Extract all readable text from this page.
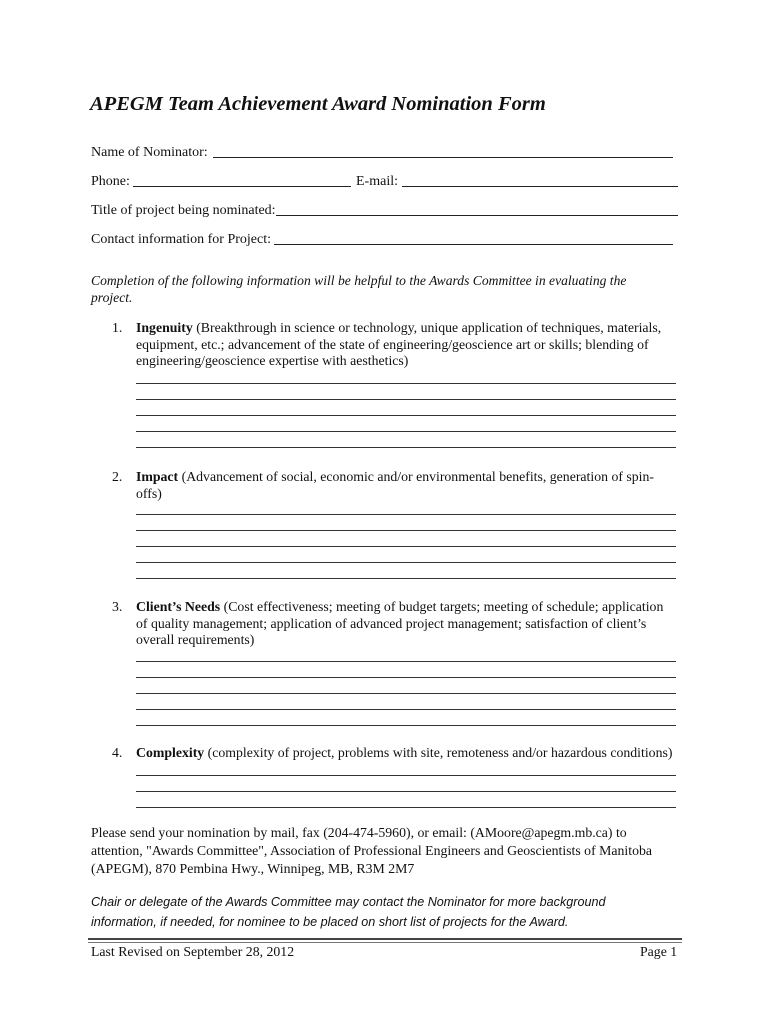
APEGM Team Achievement Award Nomination Form
Name of Nominator:
Phone:	E-mail:
Title of project being nominated:
Contact information for Project:
Completion of the following information will be helpful to the Awards Committee in evaluating the project.
1. Ingenuity (Breakthrough in science or technology, unique application of techniques, materials, equipment, etc.; advancement of the state of engineering/geoscience art or skills; blending of engineering/geoscience expertise with aesthetics)
2. Impact (Advancement of social, economic and/or environmental benefits, generation of spin-offs)
3. Client’s Needs (Cost effectiveness; meeting of budget targets; meeting of schedule; application of quality management; application of advanced project management; satisfaction of client’s overall requirements)
4. Complexity (complexity of project, problems with site, remoteness and/or hazardous conditions)
Please send your nomination by mail, fax (204-474-5960), or email: (AMoore@apegm.mb.ca) to attention, "Awards Committee", Association of Professional Engineers and Geoscientists of Manitoba (APEGM), 870 Pembina Hwy., Winnipeg, MB, R3M 2M7
Chair or delegate of the Awards Committee may contact the Nominator for more background information, if needed, for nominee to be placed on short list of projects for the Award.
Last Revised on September 28, 2012	Page 1
